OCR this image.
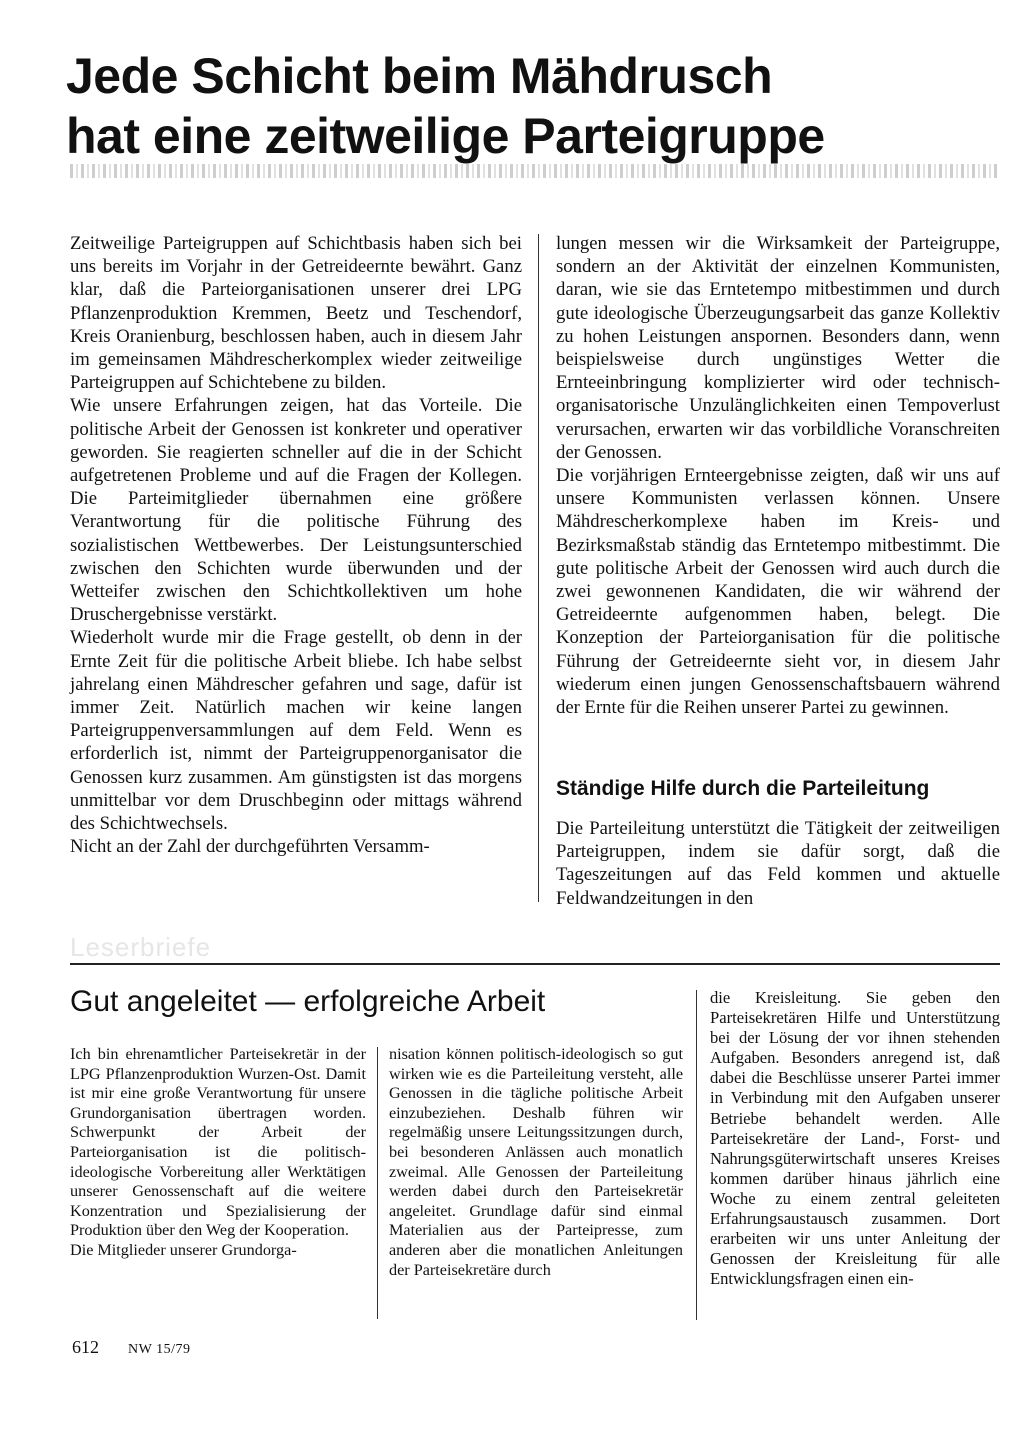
Jede Schicht beim Mähdrusch
hat eine zeitweilige Parteigruppe

Zeitweilige Parteigruppen auf Schichtbasis haben sich bei uns bereits im Vorjahr in der Getreideernte bewährt. Ganz klar, daß die Parteiorganisationen unserer drei LPG Pflanzenproduktion Kremmen, Beetz und Teschendorf, Kreis Oranienburg, beschlossen haben, auch in diesem Jahr im gemeinsamen Mähdrescherkomplex wieder zeitweilige Parteigruppen auf Schichtebene zu bilden.

Wie unsere Erfahrungen zeigen, hat das Vorteile. Die politische Arbeit der Genossen ist konkreter und operativer geworden. Sie reagierten schneller auf die in der Schicht aufgetretenen Probleme und auf die Fragen der Kollegen. Die Parteimitglieder übernahmen eine größere Verantwortung für die politische Führung des sozialistischen Wettbewerbes. Der Leistungsunterschied zwischen den Schichten wurde überwunden und der Wetteifer zwischen den Schichtkollektiven um hohe Druschergebnisse verstärkt.

Wiederholt wurde mir die Frage gestellt, ob denn in der Ernte Zeit für die politische Arbeit bliebe. Ich habe selbst jahrelang einen Mähdrescher gefahren und sage, dafür ist immer Zeit. Natürlich machen wir keine langen Parteigruppenversammlungen auf dem Feld. Wenn es erforderlich ist, nimmt der Parteigruppenorganisator die Genossen kurz zusammen. Am günstigsten ist das morgens unmittelbar vor dem Druschbeginn oder mittags während des Schichtwechsels.

Nicht an der Zahl der durchgeführten Versamm-

lungen messen wir die Wirksamkeit der Parteigruppe, sondern an der Aktivität der einzelnen Kommunisten, daran, wie sie das Erntetempo mitbestimmen und durch gute ideologische Überzeugungsarbeit das ganze Kollektiv zu hohen Leistungen anspornen. Besonders dann, wenn beispielsweise durch ungünstiges Wetter die Ernteeinbringung komplizierter wird oder technisch-organisatorische Unzulänglichkeiten einen Tempoverlust verursachen, erwarten wir das vorbildliche Voranschreiten der Genossen.

Die vorjährigen Ernteergebnisse zeigten, daß wir uns auf unsere Kommunisten verlassen können. Unsere Mähdrescherkomplexe haben im Kreis- und Bezirksmaßstab ständig das Erntetempo mitbestimmt. Die gute politische Arbeit der Genossen wird auch durch die zwei gewonnenen Kandidaten, die wir während der Getreideernte aufgenommen haben, belegt. Die Konzeption der Parteiorganisation für die politische Führung der Getreideernte sieht vor, in diesem Jahr wiederum einen jungen Genossenschaftsbauern während der Ernte für die Reihen unserer Partei zu gewinnen.

Ständige Hilfe durch die Parteileitung

Die Parteileitung unterstützt die Tätigkeit der zeitweiligen Parteigruppen, indem sie dafür sorgt, daß die Tageszeitungen auf das Feld kommen und aktuelle Feldwandzeitungen in den

Leserbriefe
Gut angeleitet — erfolgreiche Arbeit

Ich bin ehrenamtlicher Parteisekretär in der LPG Pflanzenproduktion Wurzen-Ost. Damit ist mir eine große Verantwortung für unsere Grundorganisation übertragen worden. Schwerpunkt der Arbeit der Parteiorganisation ist die politisch-ideologische Vorbereitung aller Werktätigen unserer Genossenschaft auf die weitere Konzentration und Spezialisierung der Produktion über den Weg der Kooperation.

Die Mitglieder unserer Grundorga-

nisation können politisch-ideologisch so gut wirken wie es die Parteileitung versteht, alle Genossen in die tägliche politische Arbeit einzubeziehen. Deshalb führen wir regelmäßig unsere Leitungssitzungen durch, bei besonderen Anlässen auch monatlich zweimal. Alle Genossen der Parteileitung werden dabei durch den Parteisekretär angeleitet. Grundlage dafür sind einmal Materialien aus der Parteipresse, zum anderen aber die monatlichen Anleitungen der Parteisekretäre durch

die Kreisleitung. Sie geben den Parteisekretären Hilfe und Unterstützung bei der Lösung der vor ihnen stehenden Aufgaben. Besonders anregend ist, daß dabei die Beschlüsse unserer Partei immer in Verbindung mit den Aufgaben unserer Betriebe behandelt werden. Alle Parteisekretäre der Land-, Forst- und Nahrungsgüterwirtschaft unseres Kreises kommen darüber hinaus jährlich eine Woche zu einem zentral geleiteten Erfahrungsaustausch zusammen. Dort erarbeiten wir uns unter Anleitung der Genossen der Kreisleitung für alle Entwicklungsfragen einen ein-

612 NW 15/79
